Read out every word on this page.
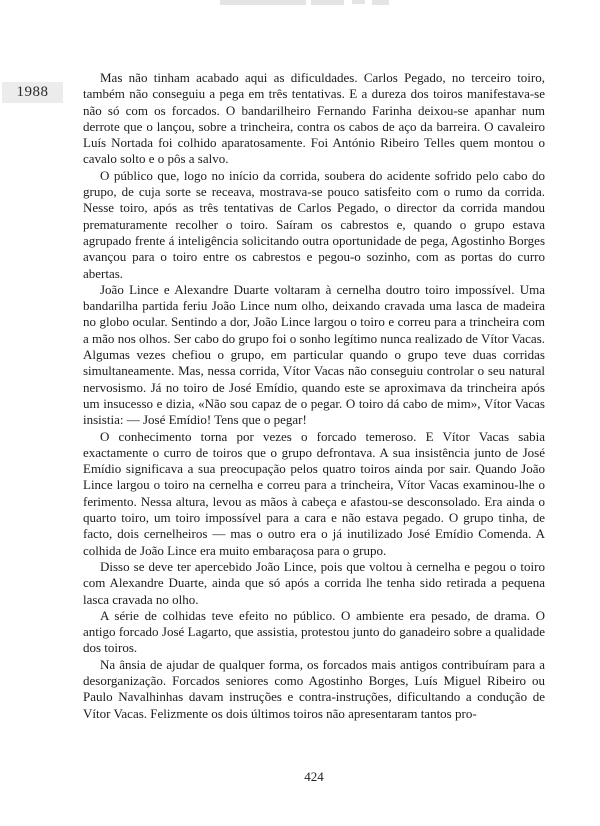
1988

Mas não tinham acabado aqui as dificuldades. Carlos Pegado, no terceiro toiro, também não conseguiu a pega em três tentativas. E a dureza dos toiros manifestava-se não só com os forcados. O bandarilheiro Fernando Farinha deixou-se apanhar num derrote que o lançou, sobre a trincheira, contra os cabos de aço da barreira. O cavaleiro Luís Nortada foi colhido aparatosamente. Foi António Ribeiro Telles quem montou o cavalo solto e o pôs a salvo.

O público que, logo no início da corrida, soubera do acidente sofrido pelo cabo do grupo, de cuja sorte se receava, mostrava-se pouco satisfeito com o rumo da corrida. Nesse toiro, após as três tentativas de Carlos Pegado, o director da corrida mandou prematuramente recolher o toiro. Saíram os cabrestos e, quando o grupo estava agrupado frente á inteligência solicitando outra oportunidade de pega, Agostinho Borges avançou para o toiro entre os cabrestos e pegou-o sozinho, com as portas do curro abertas.

João Lince e Alexandre Duarte voltaram à cernelha doutro toiro impossível. Uma bandarilha partida feriu João Lince num olho, deixando cravada uma lasca de madeira no globo ocular. Sentindo a dor, João Lince largou o toiro e correu para a trincheira com a mão nos olhos. Ser cabo do grupo foi o sonho legítimo nunca realizado de Vítor Vacas. Algumas vezes chefiou o grupo, em particular quando o grupo teve duas corridas simultaneamente. Mas, nessa corrida, Vítor Vacas não conseguiu controlar o seu natural nervosismo. Já no toiro de José Emídio, quando este se aproximava da trincheira após um insucesso e dizia, «Não sou capaz de o pegar. O toiro dá cabo de mim», Vítor Vacas insistia: — José Emídio! Tens que o pegar!

O conhecimento torna por vezes o forcado temeroso. E Vítor Vacas sabia exactamente o curro de toiros que o grupo defrontava. A sua insistência junto de José Emídio significava a sua preocupação pelos quatro toiros ainda por sair. Quando João Lince largou o toiro na cernelha e correu para a trincheira, Vítor Vacas examinou-lhe o ferimento. Nessa altura, levou as mãos à cabeça e afastou-se desconsolado. Era ainda o quarto toiro, um toiro impossível para a cara e não estava pegado. O grupo tinha, de facto, dois cernelheiros — mas o outro era o já inutilizado José Emídio Comenda. A colhida de João Lince era muito embaraçosa para o grupo.

Disso se deve ter apercebido João Lince, pois que voltou à cernelha e pegou o toiro com Alexandre Duarte, ainda que só após a corrida lhe tenha sido retirada a pequena lasca cravada no olho.

A série de colhidas teve efeito no público. O ambiente era pesado, de drama. O antigo forcado José Lagarto, que assistia, protestou junto do ganadeiro sobre a qualidade dos toiros.

Na ânsia de ajudar de qualquer forma, os forcados mais antigos contribuíram para a desorganização. Forcados seniores como Agostinho Borges, Luís Miguel Ribeiro ou Paulo Navalhinhas davam instruções e contra-instruções, dificultando a condução de Vítor Vacas. Felizmente os dois últimos toiros não apresentaram tantos pro-

424
